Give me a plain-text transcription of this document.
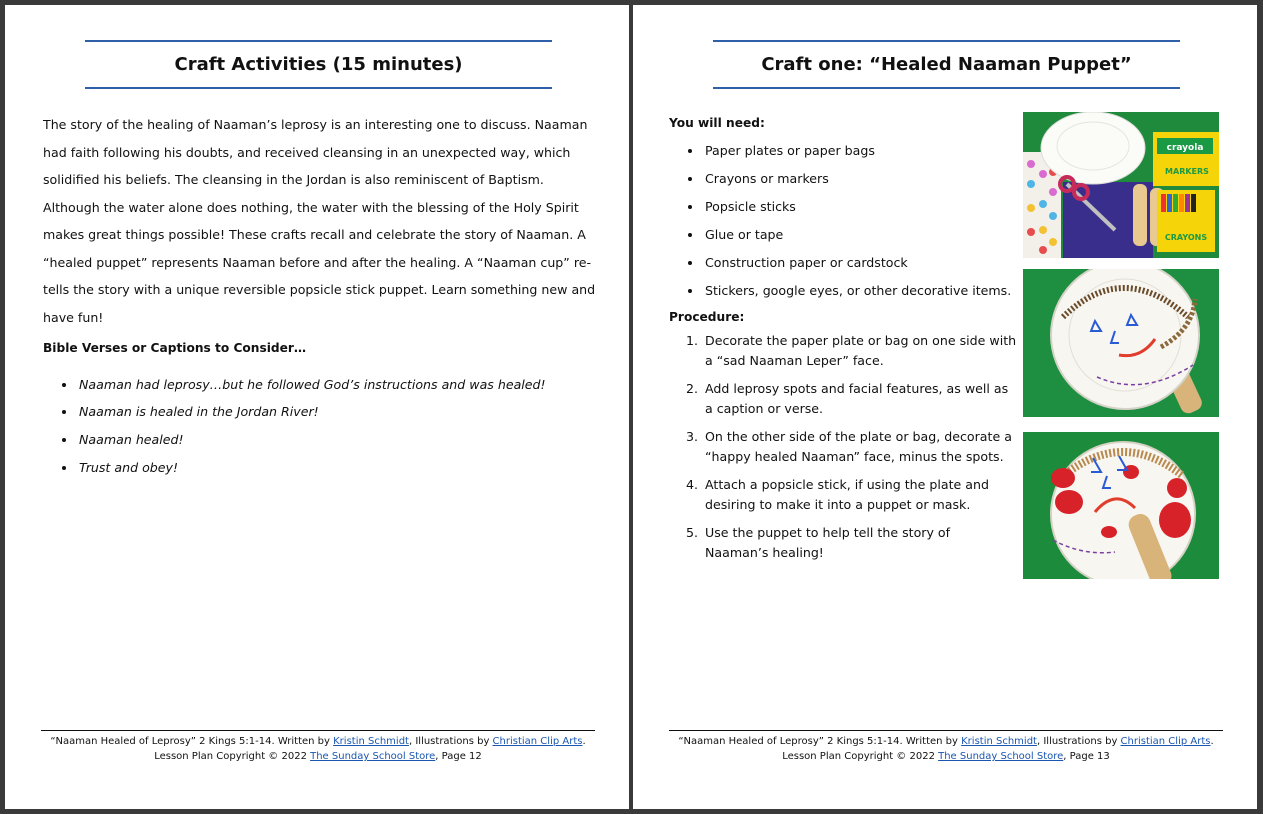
Craft Activities (15 minutes)
The story of the healing of Naaman’s leprosy is an interesting one to discuss. Naaman had faith following his doubts, and received cleansing in an unexpected way, which solidified his beliefs. The cleansing in the Jordan is also reminiscent of Baptism. Although the water alone does nothing, the water with the blessing of the Holy Spirit makes great things possible! These crafts recall and celebrate the story of Naaman. A “healed puppet” represents Naaman before and after the healing. A “Naaman cup” re-tells the story with a unique reversible popsicle stick puppet. Learn something new and have fun!
Bible Verses or Captions to Consider…
Naaman had leprosy…but he followed God’s instructions and was healed!
Naaman is healed in the Jordan River!
Naaman healed!
Trust and obey!
“Naaman Healed of Leprosy” 2 Kings 5:1-14. Written by Kristin Schmidt, Illustrations by Christian Clip Arts.
Lesson Plan Copyright © 2022 The Sunday School Store, Page 12
Craft one: “Healed Naaman Puppet”
You will need:
Paper plates or paper bags
Crayons or markers
Popsicle sticks
Glue or tape
Construction paper or cardstock
Stickers, google eyes, or other decorative items.
Procedure:
1. Decorate the paper plate or bag on one side with a “sad Naaman Leper” face.
2. Add leprosy spots and facial features, as well as a caption or verse.
3. On the other side of the plate or bag, decorate a “happy healed Naaman” face, minus the spots.
4. Attach a popsicle stick, if using the plate and desiring to make it into a puppet or mask.
5. Use the puppet to help tell the story of Naaman’s healing!
crayola
MARKERS
CRAYONS
“Naaman Healed of Leprosy” 2 Kings 5:1-14. Written by Kristin Schmidt, Illustrations by Christian Clip Arts.
Lesson Plan Copyright © 2022 The Sunday School Store, Page 13
